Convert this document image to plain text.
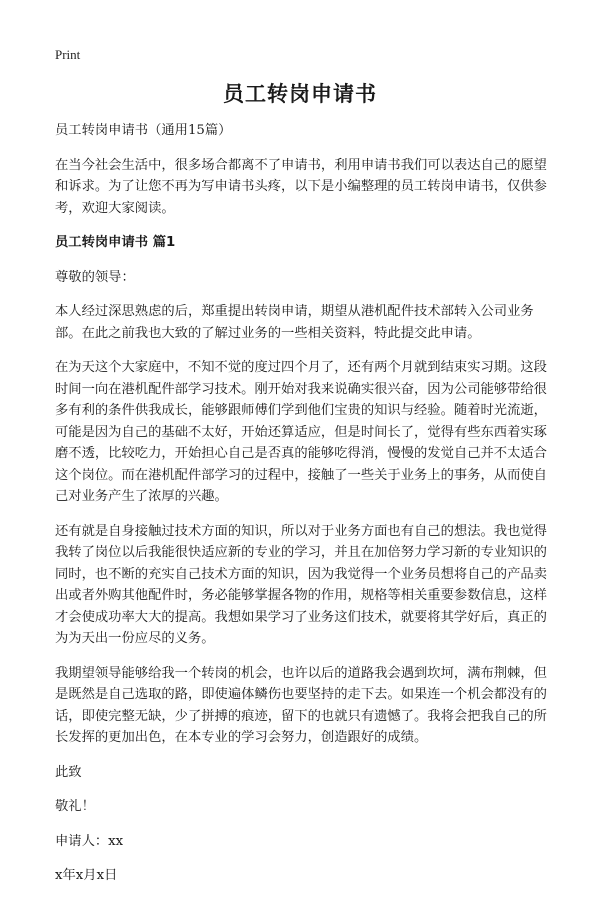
Print
员工转岗申请书

员工转岗申请书（通用15篇）

在当今社会生活中，很多场合都离不了申请书，利用申请书我们可以表达自己的愿望和诉求。为了让您不再为写申请书头疼，以下是小编整理的员工转岗申请书，仅供参考，欢迎大家阅读。

员工转岗申请书 篇1

尊敬的领导：

本人经过深思熟虑的后，郑重提出转岗申请，期望从港机配件技术部转入公司业务部。在此之前我也大致的了解过业务的一些相关资料，特此提交此申请。

在为天这个大家庭中，不知不觉的度过四个月了，还有两个月就到结束实习期。这段时间一向在港机配件部学习技术。刚开始对我来说确实很兴奋，因为公司能够带给很多有利的条件供我成长，能够跟师傅们学到他们宝贵的知识与经验。随着时光流逝，可能是因为自己的基础不太好，开始还算适应，但是时间长了，觉得有些东西着实琢磨不透，比较吃力，开始担心自己是否真的能够吃得消，慢慢的发觉自己并不太适合这个岗位。而在港机配件部学习的过程中，接触了一些关于业务上的事务，从而使自己对业务产生了浓厚的兴趣。

还有就是自身接触过技术方面的知识，所以对于业务方面也有自己的想法。我也觉得我转了岗位以后我能很快适应新的专业的学习，并且在加倍努力学习新的专业知识的同时，也不断的充实自己技术方面的知识，因为我觉得一个业务员想将自己的产品卖出或者外购其他配件时，务必能够掌握各物的作用，规格等相关重要参数信息，这样才会使成功率大大的提高。我想如果学习了业务这们技术，就要将其学好后，真正的为为天出一份应尽的义务。

我期望领导能够给我一个转岗的机会，也许以后的道路我会遇到坎坷，满布荆棘，但是既然是自己选取的路，即使遍体鳞伤也要坚持的走下去。如果连一个机会都没有的话，即使完整无缺，少了拼搏的痕迹，留下的也就只有遗憾了。我将会把我自己的所长发挥的更加出色，在本专业的学习会努力，创造跟好的成绩。

此致

敬礼！

申请人：xx

x年x月x日
